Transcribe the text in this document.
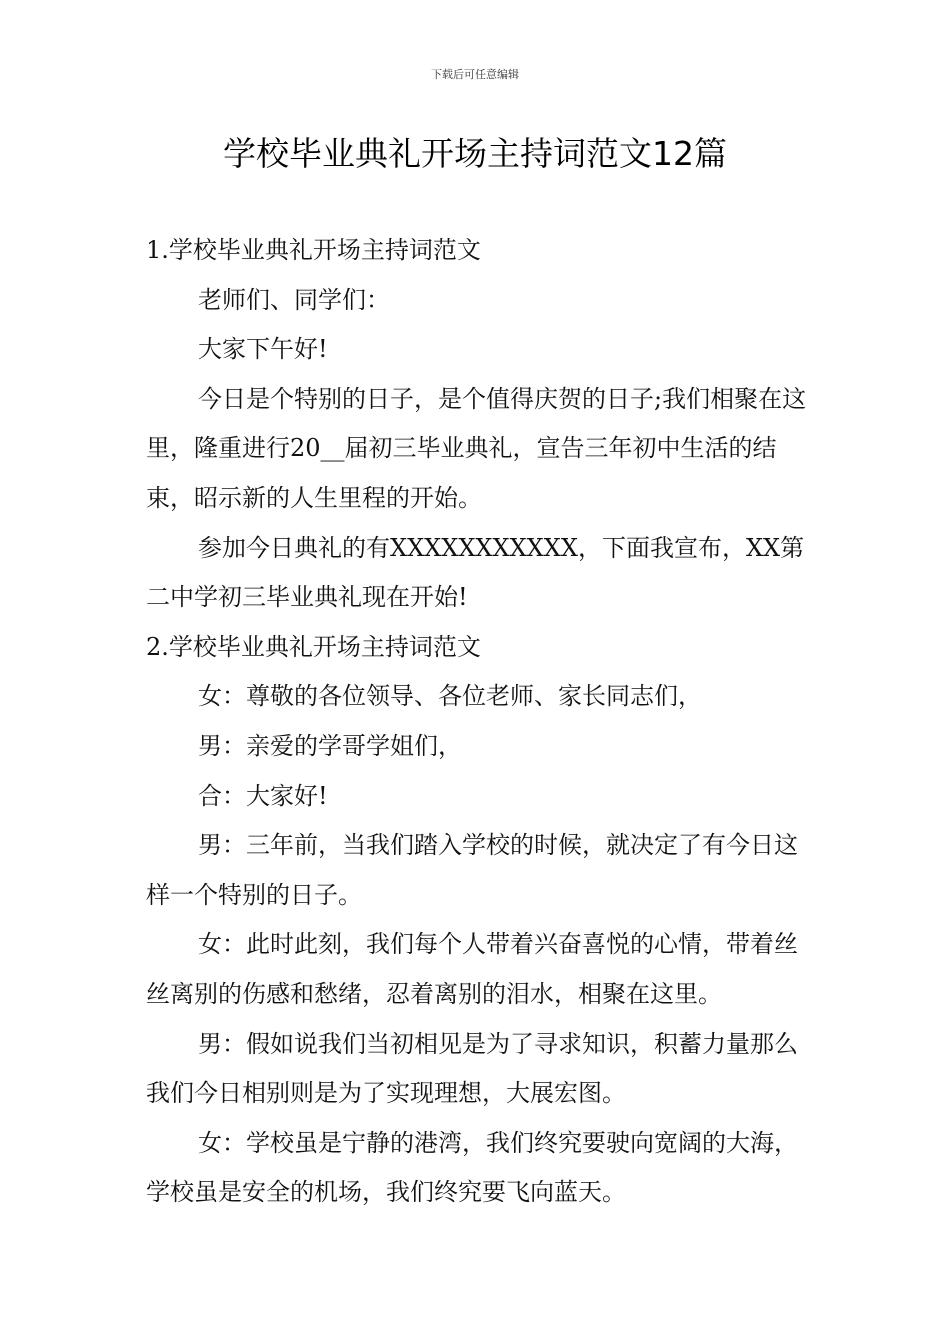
下载后可任意编辑
学校毕业典礼开场主持词范文12篇

1.学校毕业典礼开场主持词范文

老师们、同学们：

大家下午好!

今日是个特别的日子，是个值得庆贺的日子;我们相聚在这里，隆重进行20__届初三毕业典礼，宣告三年初中生活的结束，昭示新的人生里程的开始。

参加今日典礼的有XXXXXXXXXXX，下面我宣布，XX第二中学初三毕业典礼现在开始!

2.学校毕业典礼开场主持词范文

女：尊敬的各位领导、各位老师、家长同志们，

男：亲爱的学哥学姐们，

合：大家好!

男：三年前，当我们踏入学校的时候，就决定了有今日这样一个特别的日子。

女：此时此刻，我们每个人带着兴奋喜悦的心情，带着丝丝离别的伤感和愁绪，忍着离别的泪水，相聚在这里。

男：假如说我们当初相见是为了寻求知识，积蓄力量那么我们今日相别则是为了实现理想，大展宏图。

女：学校虽是宁静的港湾，我们终究要驶向宽阔的大海，学校虽是安全的机场，我们终究要飞向蓝天。
